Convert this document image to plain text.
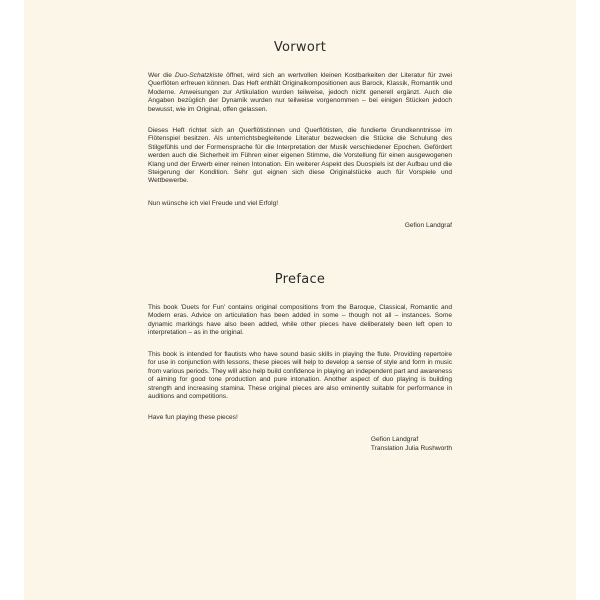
Vorwort

Wer die Duo-Schatzkiste öffnet, wird sich an wertvollen kleinen Kostbarkeiten der Literatur für zwei Querflöten erfreuen können. Das Heft enthält Originalkompositionen aus Barock, Klassik, Romantik und Moderne. Anweisungen zur Artikulation wurden teilweise, jedoch nicht generell ergänzt. Auch die Angaben bezüglich der Dynamik wurden nur teilweise vorgenommen – bei einigen Stücken jedoch bewusst, wie im Original, offen gelassen.

Dieses Heft richtet sich an Querflötistinnen und Querflötisten, die fundierte Grundkenntnisse im Flötenspiel besitzen. Als unterrichtsbegleitende Literatur bezwecken die Stücke die Schulung des Stilgefühls und der Formensprache für die Interpretation der Musik verschiedener Epochen. Gefördert werden auch die Sicherheit im Führen einer eigenen Stimme, die Vorstellung für einen ausgewogenen Klang und der Erwerb einer reinen Intonation. Ein weiterer Aspekt des Duospiels ist der Aufbau und die Steigerung der Kondition. Sehr gut eignen sich diese Originalstücke auch für Vorspiele und Wettbewerbe.

Nun wünsche ich viel Freude und viel Erfolg!

Gefion Landgraf

Preface

This book 'Duets for Fun' contains original compositions from the Baroque, Classical, Romantic and Modern eras. Advice on articulation has been added in some – though not all – instances. Some dynamic markings have also been added, while other pieces have deliberately been left open to interpretation – as in the original.

This book is intended for flautists who have sound basic skills in playing the flute. Providing repertoire for use in conjunction with lessons, these pieces will help to develop a sense of style and form in music from various periods. They will also help build confidence in playing an independent part and awareness of aiming for good tone production and pure intonation. Another aspect of duo playing is building strength and increasing stamina. These original pieces are also eminently suitable for performance in auditions and competitions.

Have fun playing these pieces!

Gefion Landgraf
Translation Julia Rushworth
